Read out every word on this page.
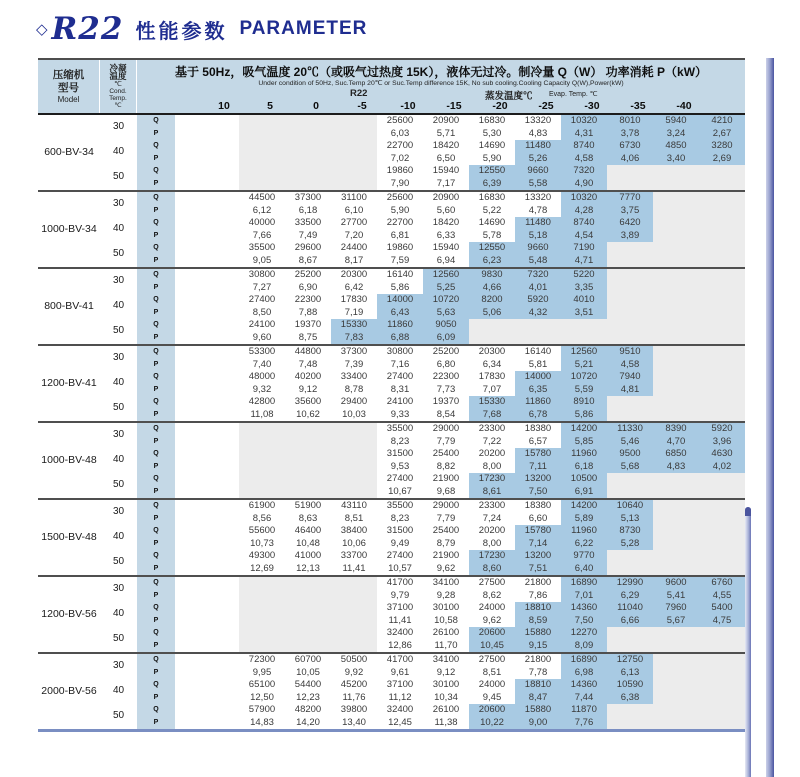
◇ R22 性能参数 PARAMETER
压缩机
型号
Model
冷凝
温度
℃
Cond.
Temp.
℃
基于 50Hz，吸气温度 20℃（或吸气过热度 15K），液体无过冷。制冷量 Q（W） 功率消耗 P（kW）
Under condition of 50Hz, Suc.Temp 20℃ or Suc.Temp difference 15K, No sub cooling.Cooling Capacity Q(W),Power(kW)
R22	蒸发温度℃ Evap. Temp. ℃
10	5	0	-5	-10	-15	-20	-25	-30	-35	-40
600-BV-34	30	Q					25600	20900	16830	13320	10320	8010	5940	4210
		P					6,03	5,71	5,30	4,83	4,31	3,78	3,24	2,67
	40	Q					22700	18420	14690	11480	8740	6730	4850	3280
		P					7,02	6,50	5,90	5,26	4,58	4,06	3,40	2,69
	50	Q					19860	15940	12550	9660	7320			
		P					7,90	7,17	6,39	5,58	4,90			
1000-BV-34	30	Q		44500	37300	31100	25600	20900	16830	13320	10320	7770		
		P		6,12	6,18	6,10	5,90	5,60	5,22	4,78	4,28	3,75		
	40	Q		40000	33500	27700	22700	18420	14690	11480	8740	6420		
		P		7,66	7,49	7,20	6,81	6,33	5,78	5,18	4,54	3,89		
	50	Q		35500	29600	24400	19860	15940	12550	9660	7190			
		P		9,05	8,67	8,17	7,59	6,94	6,23	5,48	4,71			
800-BV-41	30	Q		30800	25200	20300	16140	12560	9830	7320	5220			
		P		7,27	6,90	6,42	5,86	5,25	4,66	4,01	3,35			
	40	Q		27400	22300	17830	14000	10720	8200	5920	4010			
		P		8,50	7,88	7,19	6,43	5,63	5,06	4,32	3,51			
	50	Q		24100	19370	15330	11860	9050						
		P		9,60	8,75	7,83	6,88	6,09						
1200-BV-41	30	Q		53300	44800	37300	30800	25200	20300	16140	12560	9510		
		P		7,40	7,48	7,39	7,16	6,80	6,34	5,81	5,21	4,58		
	40	Q		48000	40200	33400	27400	22300	17830	14000	10720	7940		
		P		9,32	9,12	8,78	8,31	7,73	7,07	6,35	5,59	4,81		
	50	Q		42800	35600	29400	24100	19370	15330	11860	8910			
		P		11,08	10,62	10,03	9,33	8,54	7,68	6,78	5,86			
1000-BV-48	30	Q					35500	29000	23300	18380	14200	11330	8390	5920
		P					8,23	7,79	7,22	6,57	5,85	5,46	4,70	3,96
	40	Q					31500	25400	20200	15780	11960	9500	6850	4630
		P					9,53	8,82	8,00	7,11	6,18	5,68	4,83	4,02
	50	Q					27400	21900	17230	13200	10500			
		P					10,67	9,68	8,61	7,50	6,91			
1500-BV-48	30	Q		61900	51900	43110	35500	29000	23300	18380	14200	10640		
		P		8,56	8,63	8,51	8,23	7,79	7,24	6,60	5,89	5,13		
	40	Q		55600	46400	38400	31500	25400	20200	15780	11960	8730		
		P		10,73	10,48	10,06	9,49	8,79	8,00	7,14	6,22	5,28		
	50	Q		49300	41000	33700	27400	21900	17230	13200	9770			
		P		12,69	12,13	11,41	10,57	9,62	8,60	7,51	6,40			
1200-BV-56	30	Q					41700	34100	27500	21800	16890	12990	9600	6760
		P					9,79	9,28	8,62	7,86	7,01	6,29	5,41	4,55
	40	Q					37100	30100	24000	18810	14360	11040	7960	5400
		P					11,41	10,58	9,62	8,59	7,50	6,66	5,67	4,75
	50	Q					32400	26100	20600	15880	12270			
		P					12,86	11,70	10,45	9,15	8,09			
2000-BV-56	30	Q		72300	60700	50500	41700	34100	27500	21800	16890	12750		
		P		9,95	10,05	9,92	9,61	9,12	8,51	7,78	6,98	6,13		
	40	Q		65100	54400	45200	37100	30100	24000	18810	14360	10590		
		P		12,50	12,23	11,76	11,12	10,34	9,45	8,47	7,44	6,38		
	50	Q		57900	48200	39800	32400	26100	20600	15880	11870			
		P		14,83	14,20	13,40	12,45	11,38	10,22	9,00	7,76			
